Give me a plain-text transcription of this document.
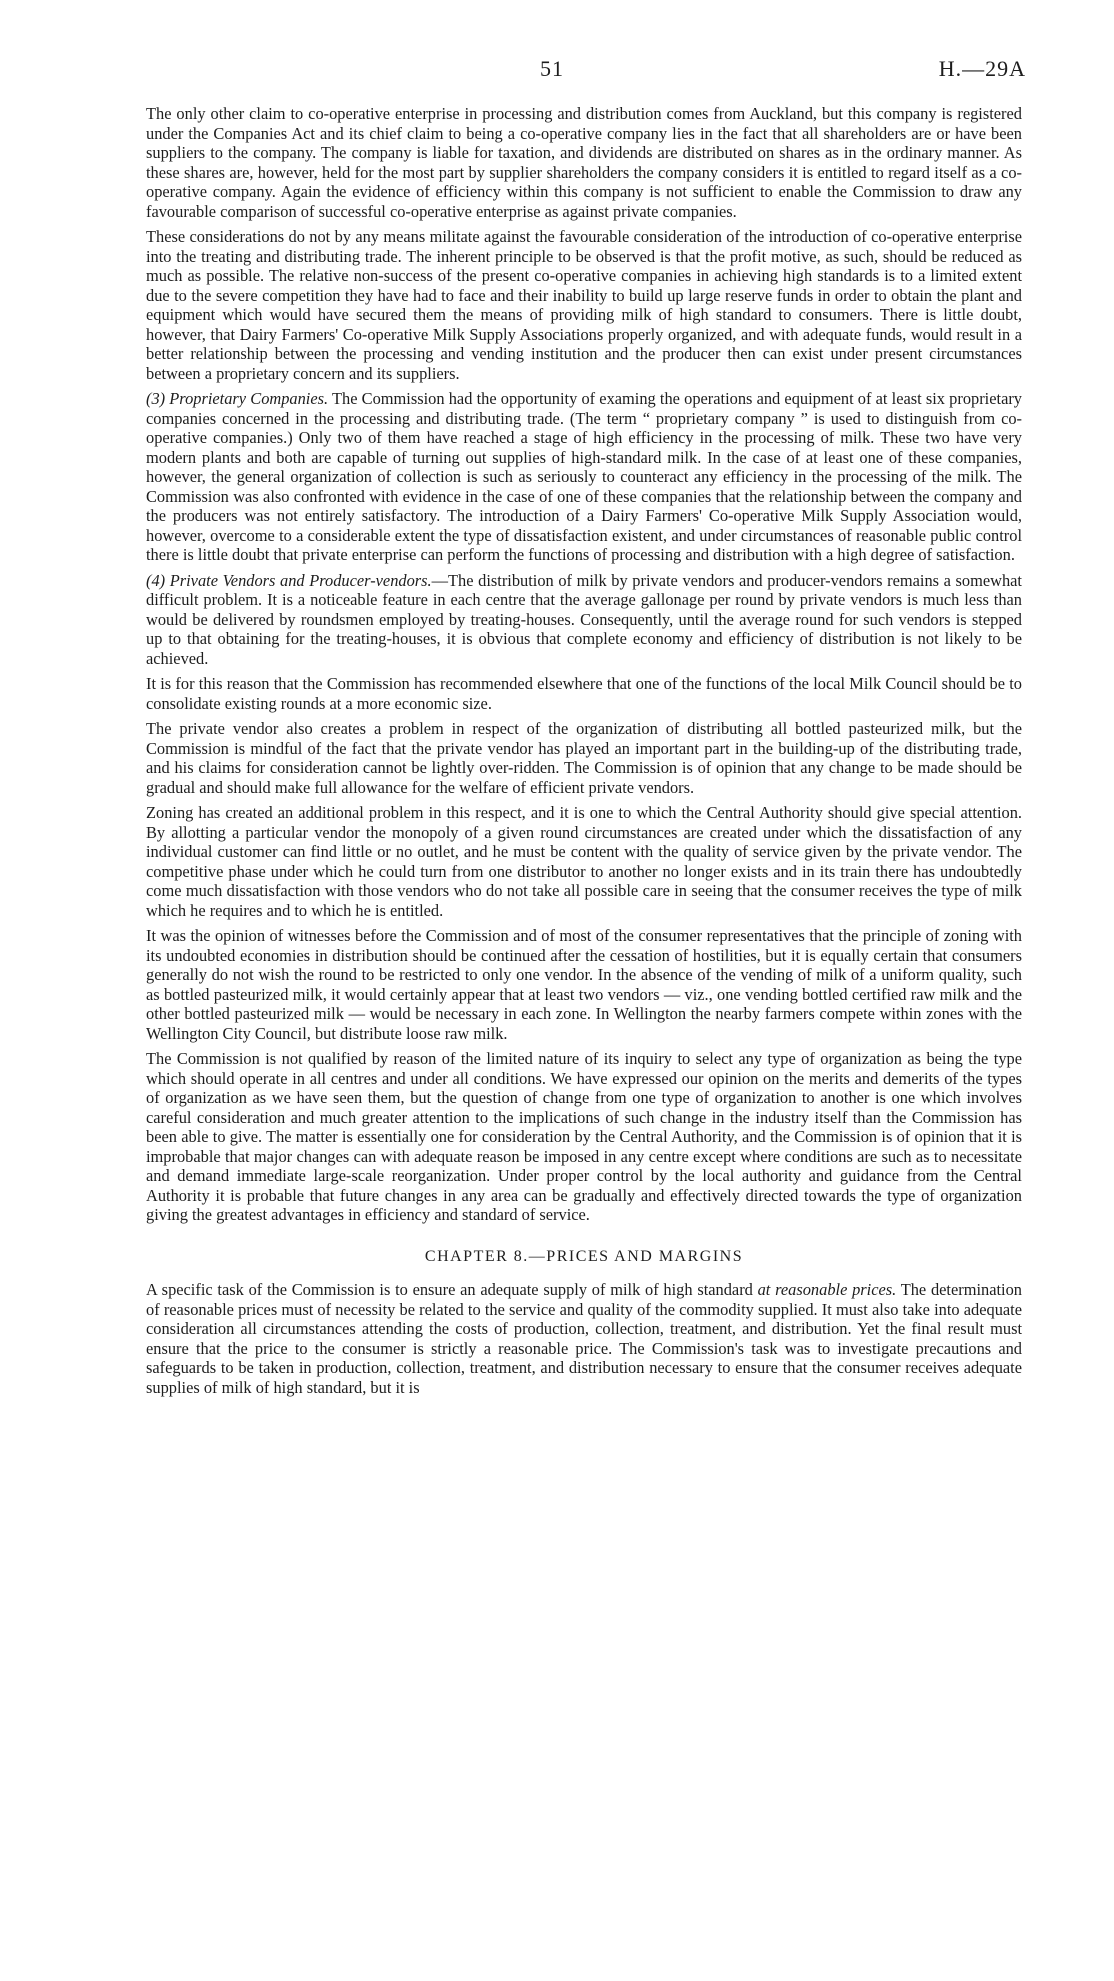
51	H.—29A

The only other claim to co-operative enterprise in processing and distribution comes from Auckland, but this company is registered under the Companies Act and its chief claim to being a co-operative company lies in the fact that all shareholders are or have been suppliers to the company. The company is liable for taxation, and dividends are distributed on shares as in the ordinary manner. As these shares are, however, held for the most part by supplier shareholders the company considers it is entitled to regard itself as a co-operative company. Again the evidence of efficiency within this company is not sufficient to enable the Commission to draw any favourable comparison of successful co-operative enterprise as against private companies.

These considerations do not by any means militate against the favourable consideration of the introduction of co-operative enterprise into the treating and distributing trade. The inherent principle to be observed is that the profit motive, as such, should be reduced as much as possible. The relative non-success of the present co-operative companies in achieving high standards is to a limited extent due to the severe competition they have had to face and their inability to build up large reserve funds in order to obtain the plant and equipment which would have secured them the means of providing milk of high standard to consumers. There is little doubt, however, that Dairy Farmers' Co-operative Milk Supply Associations properly organized, and with adequate funds, would result in a better relationship between the processing and vending institution and the producer then can exist under present circumstances between a proprietary concern and its suppliers.

(3) Proprietary Companies. The Commission had the opportunity of examing the operations and equipment of at least six proprietary companies concerned in the processing and distributing trade. (The term “ proprietary company ” is used to distinguish from co-operative companies.) Only two of them have reached a stage of high efficiency in the processing of milk. These two have very modern plants and both are capable of turning out supplies of high-standard milk. In the case of at least one of these companies, however, the general organization of collection is such as seriously to counteract any efficiency in the processing of the milk. The Commission was also confronted with evidence in the case of one of these companies that the relationship between the company and the producers was not entirely satisfactory. The introduction of a Dairy Farmers' Co-operative Milk Supply Association would, however, overcome to a considerable extent the type of dissatisfaction existent, and under circumstances of reasonable public control there is little doubt that private enterprise can perform the functions of processing and distribution with a high degree of satisfaction.

(4) Private Vendors and Producer-vendors.—The distribution of milk by private vendors and producer-vendors remains a somewhat difficult problem. It is a noticeable feature in each centre that the average gallonage per round by private vendors is much less than would be delivered by roundsmen employed by treating-houses. Consequently, until the average round for such vendors is stepped up to that obtaining for the treating-houses, it is obvious that complete economy and efficiency of distribution is not likely to be achieved.

It is for this reason that the Commission has recommended elsewhere that one of the functions of the local Milk Council should be to consolidate existing rounds at a more economic size.

The private vendor also creates a problem in respect of the organization of distributing all bottled pasteurized milk, but the Commission is mindful of the fact that the private vendor has played an important part in the building-up of the distributing trade, and his claims for consideration cannot be lightly over-ridden. The Commission is of opinion that any change to be made should be gradual and should make full allowance for the welfare of efficient private vendors.

Zoning has created an additional problem in this respect, and it is one to which the Central Authority should give special attention. By allotting a particular vendor the monopoly of a given round circumstances are created under which the dissatisfaction of any individual customer can find little or no outlet, and he must be content with the quality of service given by the private vendor. The competitive phase under which he could turn from one distributor to another no longer exists and in its train there has undoubtedly come much dissatisfaction with those vendors who do not take all possible care in seeing that the consumer receives the type of milk which he requires and to which he is entitled.

It was the opinion of witnesses before the Commission and of most of the consumer representatives that the principle of zoning with its undoubted economies in distribution should be continued after the cessation of hostilities, but it is equally certain that consumers generally do not wish the round to be restricted to only one vendor. In the absence of the vending of milk of a uniform quality, such as bottled pasteurized milk, it would certainly appear that at least two vendors — viz., one vending bottled certified raw milk and the other bottled pasteurized milk — would be necessary in each zone. In Wellington the nearby farmers compete within zones with the Wellington City Council, but distribute loose raw milk.

The Commission is not qualified by reason of the limited nature of its inquiry to select any type of organization as being the type which should operate in all centres and under all conditions. We have expressed our opinion on the merits and demerits of the types of organization as we have seen them, but the question of change from one type of organization to another is one which involves careful consideration and much greater attention to the implications of such change in the industry itself than the Commission has been able to give. The matter is essentially one for consideration by the Central Authority, and the Commission is of opinion that it is improbable that major changes can with adequate reason be imposed in any centre except where conditions are such as to necessitate and demand immediate large-scale reorganization. Under proper control by the local authority and guidance from the Central Authority it is probable that future changes in any area can be gradually and effectively directed towards the type of organization giving the greatest advantages in efficiency and standard of service.

CHAPTER 8.—PRICES AND MARGINS

A specific task of the Commission is to ensure an adequate supply of milk of high standard at reasonable prices. The determination of reasonable prices must of necessity be related to the service and quality of the commodity supplied. It must also take into adequate consideration all circumstances attending the costs of production, collection, treatment, and distribution. Yet the final result must ensure that the price to the consumer is strictly a reasonable price. The Commission's task was to investigate precautions and safeguards to be taken in production, collection, treatment, and distribution necessary to ensure that the consumer receives adequate supplies of milk of high standard, but it is
